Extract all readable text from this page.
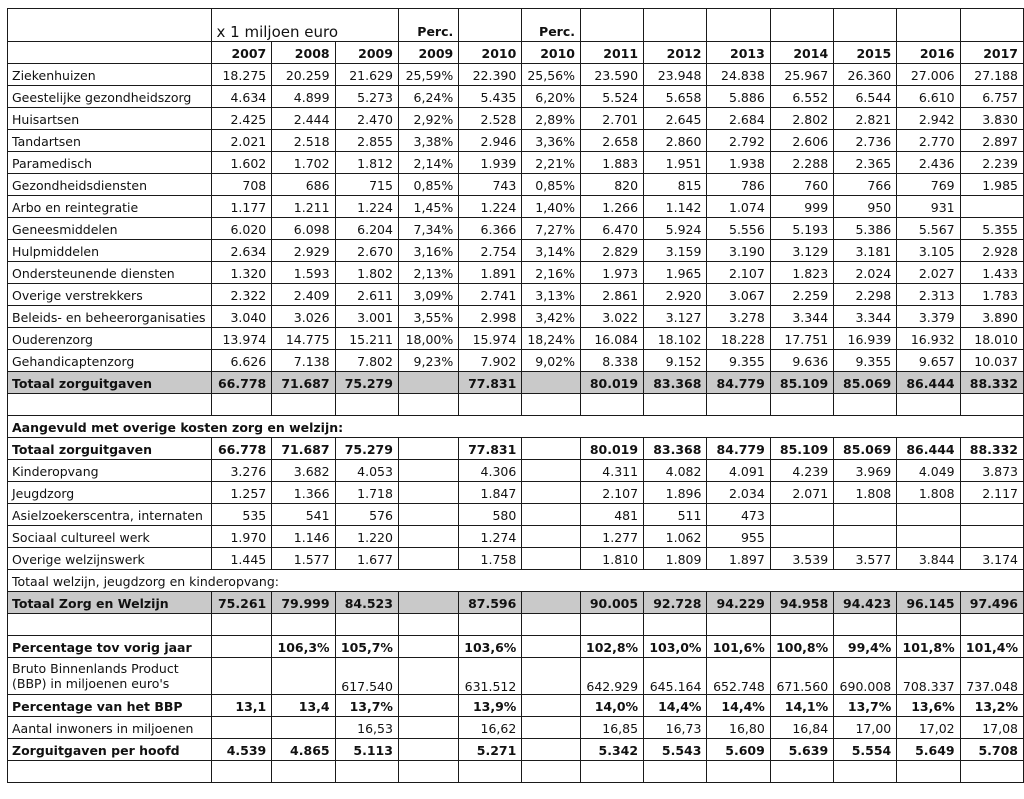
	x 1 miljoen euro			Perc.		Perc.							
	2007	2008	2009	2009	2010	2010	2011	2012	2013	2014	2015	2016	2017
Ziekenhuizen	18.275	20.259	21.629	25,59%	22.390	25,56%	23.590	23.948	24.838	25.967	26.360	27.006	27.188
Geestelijke gezondheidszorg	4.634	4.899	5.273	6,24%	5.435	6,20%	5.524	5.658	5.886	6.552	6.544	6.610	6.757
Huisartsen	2.425	2.444	2.470	2,92%	2.528	2,89%	2.701	2.645	2.684	2.802	2.821	2.942	3.830
Tandartsen	2.021	2.518	2.855	3,38%	2.946	3,36%	2.658	2.860	2.792	2.606	2.736	2.770	2.897
Paramedisch	1.602	1.702	1.812	2,14%	1.939	2,21%	1.883	1.951	1.938	2.288	2.365	2.436	2.239
Gezondheidsdiensten	708	686	715	0,85%	743	0,85%	820	815	786	760	766	769	1.985
Arbo en reintegratie	1.177	1.211	1.224	1,45%	1.224	1,40%	1.266	1.142	1.074	999	950	931	
Geneesmiddelen	6.020	6.098	6.204	7,34%	6.366	7,27%	6.470	5.924	5.556	5.193	5.386	5.567	5.355
Hulpmiddelen	2.634	2.929	2.670	3,16%	2.754	3,14%	2.829	3.159	3.190	3.129	3.181	3.105	2.928
Ondersteunende diensten	1.320	1.593	1.802	2,13%	1.891	2,16%	1.973	1.965	2.107	1.823	2.024	2.027	1.433
Overige verstrekkers	2.322	2.409	2.611	3,09%	2.741	3,13%	2.861	2.920	3.067	2.259	2.298	2.313	1.783
Beleids- en beheerorganisaties	3.040	3.026	3.001	3,55%	2.998	3,42%	3.022	3.127	3.278	3.344	3.344	3.379	3.890
Ouderenzorg	13.974	14.775	15.211	18,00%	15.974	18,24%	16.084	18.102	18.228	17.751	16.939	16.932	18.010
Gehandicaptenzorg	6.626	7.138	7.802	9,23%	7.902	9,02%	8.338	9.152	9.355	9.636	9.355	9.657	10.037
Totaal zorguitgaven	66.778	71.687	75.279		77.831		80.019	83.368	84.779	85.109	85.069	86.444	88.332

Aangevuld met overige kosten zorg en welzijn:													
Totaal zorguitgaven	66.778	71.687	75.279		77.831		80.019	83.368	84.779	85.109	85.069	86.444	88.332
Kinderopvang	3.276	3.682	4.053		4.306		4.311	4.082	4.091	4.239	3.969	4.049	3.873
Jeugdzorg	1.257	1.366	1.718		1.847		2.107	1.896	2.034	2.071	1.808	1.808	2.117
Asielzoekerscentra, internaten	535	541	576		580		481	511	473				
Sociaal cultureel werk	1.970	1.146	1.220		1.274		1.277	1.062	955				
Overige welzijnswerk	1.445	1.577	1.677		1.758		1.810	1.809	1.897	3.539	3.577	3.844	3.174
Totaal welzijn, jeugdzorg en kinderopvang:													
Totaal Zorg en Welzijn	75.261	79.999	84.523		87.596		90.005	92.728	94.229	94.958	94.423	96.145	97.496

Percentage tov vorig jaar		106,3%	105,7%		103,6%		102,8%	103,0%	101,6%	100,8%	99,4%	101,8%	101,4%

Bruto Binnenlands Product
(BBP) in miljoenen euro's			617.540		631.512		642.929	645.164	652.748	671.560	690.008	708.337	737.048
Percentage van het BBP	13,1	13,4	13,7%		13,9%		14,0%	14,4%	14,4%	14,1%	13,7%	13,6%	13,2%
Aantal inwoners in miljoenen			16,53		16,62		16,85	16,73	16,80	16,84	17,00	17,02	17,08
Zorguitgaven per hoofd	4.539	4.865	5.113		5.271		5.342	5.543	5.609	5.639	5.554	5.649	5.708
